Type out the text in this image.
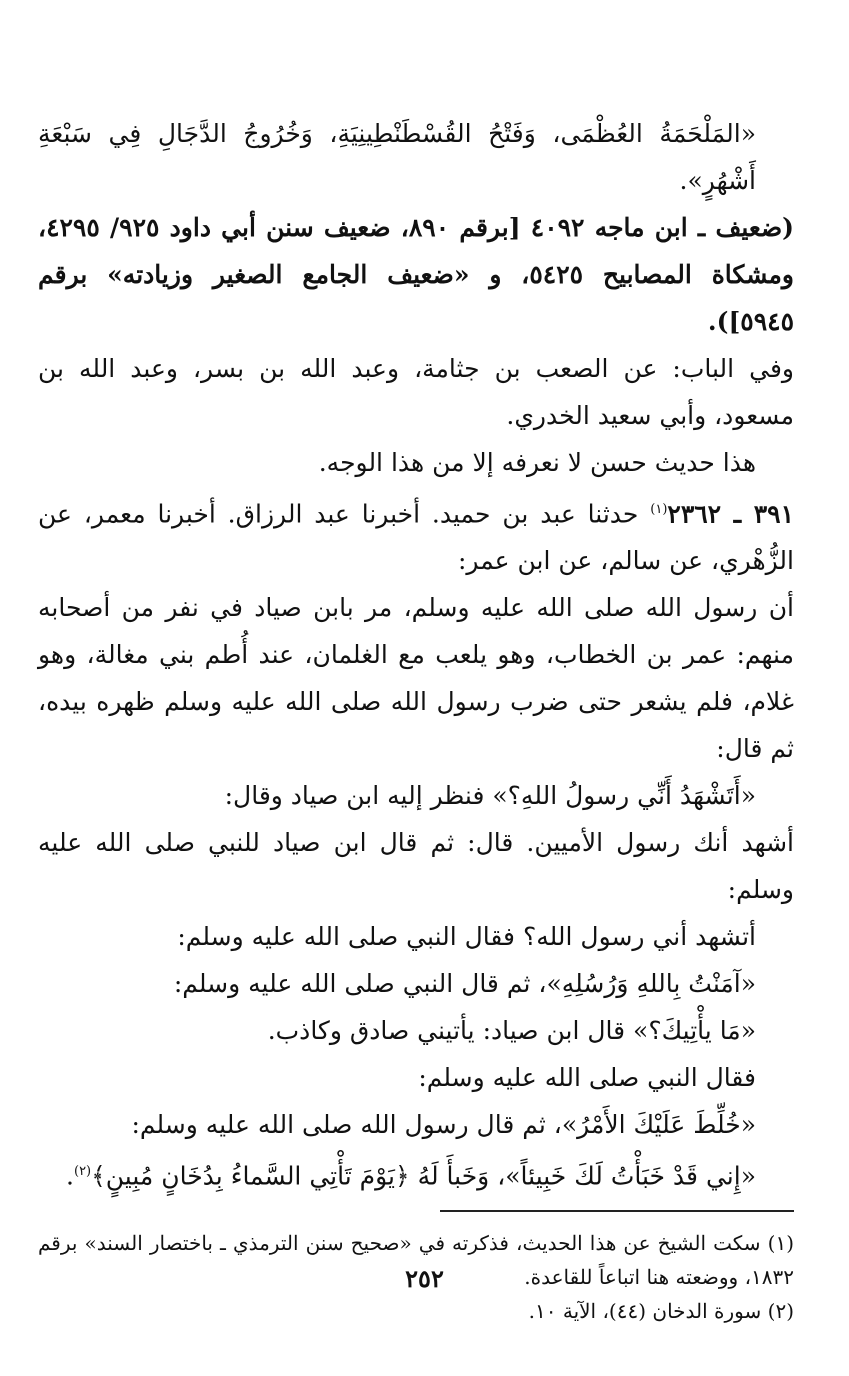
«المَلْحَمَةُ العُظْمَى، وَفَتْحُ القُسْطَنْطِينِيَةِ، وَخُرُوجُ الدَّجَالِ فِي سَبْعَةِ أَشْهُرٍ».

(ضعيف ـ ابن ماجه ٤٠٩٢ [برقم ٨٩٠، ضعيف سنن أبي داود ٩٢٥/ ٤٢٩٥، ومشكاة المصابيح ٥٤٢٥، و «ضعيف الجامع الصغير وزيادته» برقم ٥٩٤٥]).

وفي الباب: عن الصعب بن جثامة، وعبد الله بن بسر، وعبد الله بن مسعود، وأبي سعيد الخدري.

هذا حديث حسن لا نعرفه إلا من هذا الوجه.

٣٩١ ـ ٢٣٦٢$^{(١)}$ حدثنا عبد بن حميد. أخبرنا عبد الرزاق. أخبرنا معمر، عن الزُّهْري، عن سالم، عن ابن عمر:

أن رسول الله صلى الله عليه وسلم، مر بابن صياد في نفر من أصحابه منهم: عمر بن الخطاب، وهو يلعب مع الغلمان، عند أُطم بني مغالة، وهو غلام، فلم يشعر حتى ضرب رسول الله صلى الله عليه وسلم ظهره بيده، ثم قال:

«أَتَشْهَدُ أَنِّي رسولُ اللهِ؟» فنظر إليه ابن صياد وقال:

أشهد أنك رسول الأميين. قال: ثم قال ابن صياد للنبي صلى الله عليه وسلم:

أتشهد أني رسول الله؟ فقال النبي صلى الله عليه وسلم:

«آمَنْتُ بِاللهِ وَرُسُلِهِ»، ثم قال النبي صلى الله عليه وسلم:

«مَا يأْتِيكَ؟» قال ابن صياد: يأتيني صادق وكاذب.

فقال النبي صلى الله عليه وسلم:

«خُلِّطَ عَلَيْكَ الأَمْرُ»، ثم قال رسول الله صلى الله عليه وسلم:

«إِني قَدْ خَبَأْتُ لَكَ خَبِيئاً»، وَخَبأَ لَهُ ﴿يَوْمَ تَأْتِي السَّماءُ بِدُخَانٍ مُبِينٍ﴾$^{(٢)}$.

(١) سكت الشيخ عن هذا الحديث، فذكرته في «صحيح سنن الترمذي ـ باختصار السند» برقم ١٨٣٢، ووضعته هنا اتباعاً للقاعدة.

(٢) سورة الدخان (٤٤)، الآية ١٠.

٢٥٢
